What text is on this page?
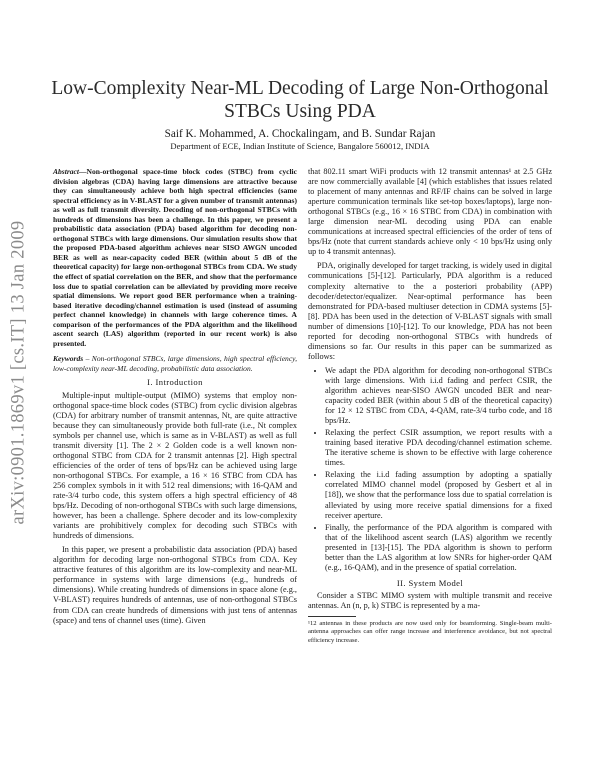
arXiv:0901.1869v1 [cs.IT] 13 Jan 2009
Low-Complexity Near-ML Decoding of Large Non-Orthogonal STBCs Using PDA
Saif K. Mohammed, A. Chockalingam, and B. Sundar Rajan
Department of ECE, Indian Institute of Science, Bangalore 560012, INDIA

Abstract—Non-orthogonal space-time block codes (STBC) from cyclic division algebras (CDA) having large dimensions are attractive because they can simultaneously achieve both high spectral efficiencies (same spectral efficiency as in V-BLAST for a given number of transmit antennas) as well as full transmit diversity. Decoding of non-orthogonal STBCs with hundreds of dimensions has been a challenge. In this paper, we present a probabilistic data association (PDA) based algorithm for decoding non-orthogonal STBCs with large dimensions. Our simulation results show that the proposed PDA-based algorithm achieves near SISO AWGN uncoded BER as well as near-capacity coded BER (within about 5 dB of the theoretical capacity) for large non-orthogonal STBCs from CDA. We study the effect of spatial correlation on the BER, and show that the performance loss due to spatial correlation can be alleviated by providing more receive spatial dimensions. We report good BER performance when a training-based iterative decoding/channel estimation is used (instead of assuming perfect channel knowledge) in channels with large coherence times. A comparison of the performances of the PDA algorithm and the likelihood ascent search (LAS) algorithm (reported in our recent work) is also presented.

Keywords – Non-orthogonal STBCs, large dimensions, high spectral efficiency, low-complexity near-ML decoding, probabilistic data association.

I. Introduction

Multiple-input multiple-output (MIMO) systems that employ non-orthogonal space-time block codes (STBC) from cyclic division algebras (CDA) for arbitrary number of transmit antennas, Nt, are quite attractive because they can simultaneously provide both full-rate (i.e., Nt complex symbols per channel use, which is same as in V-BLAST) as well as full transmit diversity [1]. The 2 × 2 Golden code is a well known non-orthogonal STBC from CDA for 2 transmit antennas [2]. High spectral efficiencies of the order of tens of bps/Hz can be achieved using large non-orthogonal STBCs. For example, a 16 × 16 STBC from CDA has 256 complex symbols in it with 512 real dimensions; with 16-QAM and rate-3/4 turbo code, this system offers a high spectral efficiency of 48 bps/Hz. Decoding of non-orthogonal STBCs with such large dimensions, however, has been a challenge. Sphere decoder and its low-complexity variants are prohibitively complex for decoding such STBCs with hundreds of dimensions.

In this paper, we present a probabilistic data association (PDA) based algorithm for decoding large non-orthogonal STBCs from CDA. Key attractive features of this algorithm are its low-complexity and near-ML performance in systems with large dimensions (e.g., hundreds of dimensions). While creating hundreds of dimensions in space alone (e.g., V-BLAST) requires hundreds of antennas, use of non-orthogonal STBCs from CDA can create hundreds of dimensions with just tens of antennas (space) and tens of channel uses (time). Given

that 802.11 smart WiFi products with 12 transmit antennas¹ at 2.5 GHz are now commercially available [4] (which establishes that issues related to placement of many antennas and RF/IF chains can be solved in large aperture communication terminals like set-top boxes/laptops), large non-orthogonal STBCs (e.g., 16 × 16 STBC from CDA) in combination with large dimension near-ML decoding using PDA can enable communications at increased spectral efficiencies of the order of tens of bps/Hz (note that current standards achieve only < 10 bps/Hz using only up to 4 transmit antennas).

PDA, originally developed for target tracking, is widely used in digital communications [5]-[12]. Particularly, PDA algorithm is a reduced complexity alternative to the a posteriori probability (APP) decoder/detector/equalizer. Near-optimal performance has been demonstrated for PDA-based multiuser detection in CDMA systems [5]-[8]. PDA has been used in the detection of V-BLAST signals with small number of dimensions [10]-[12]. To our knowledge, PDA has not been reported for decoding non-orthogonal STBCs with hundreds of dimensions so far. Our results in this paper can be summarized as follows:

• We adapt the PDA algorithm for decoding non-orthogonal STBCs with large dimensions. With i.i.d fading and perfect CSIR, the algorithm achieves near-SISO AWGN uncoded BER and near-capacity coded BER (within about 5 dB of the theoretical capacity) for 12 × 12 STBC from CDA, 4-QAM, rate-3/4 turbo code, and 18 bps/Hz.
• Relaxing the perfect CSIR assumption, we report results with a training based iterative PDA decoding/channel estimation scheme. The iterative scheme is shown to be effective with large coherence times.
• Relaxing the i.i.d fading assumption by adopting a spatially correlated MIMO channel model (proposed by Gesbert et al in [18]), we show that the performance loss due to spatial correlation is alleviated by using more receive spatial dimensions for a fixed receiver aperture.
• Finally, the performance of the PDA algorithm is compared with that of the likelihood ascent search (LAS) algorithm we recently presented in [13]-[15]. The PDA algorithm is shown to perform better than the LAS algorithm at low SNRs for higher-order QAM (e.g., 16-QAM), and in the presence of spatial correlation.

II. System Model

Consider a STBC MIMO system with multiple transmit and receive antennas. An (n, p, k) STBC is represented by a ma-

¹12 antennas in these products are now used only for beamforming. Single-beam multi-antenna approaches can offer range increase and interference avoidance, but not spectral efficiency increase.
